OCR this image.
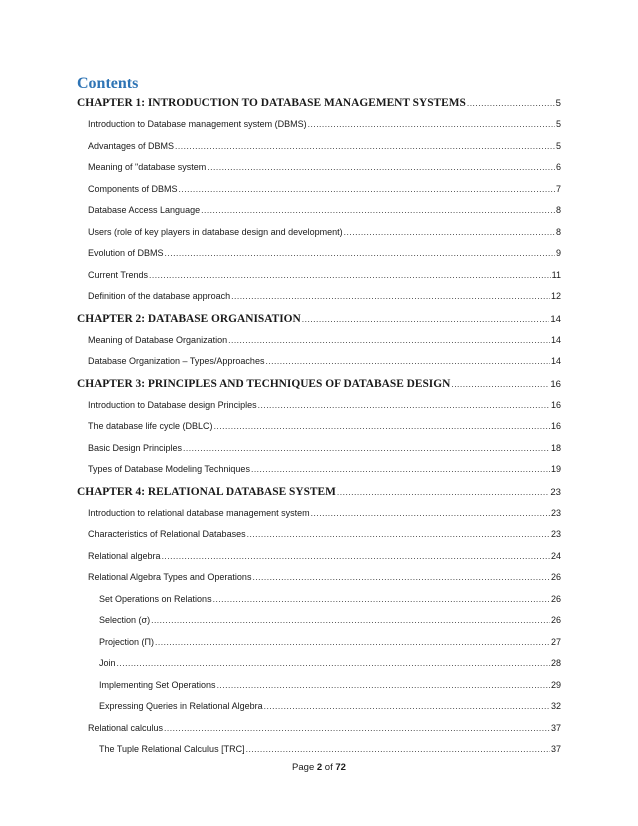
Contents
CHAPTER 1: INTRODUCTION TO DATABASE MANAGEMENT SYSTEMS .....	5
Introduction to Database management system (DBMS) .....	5
Advantages of DBMS .....	5
Meaning of "database system .....	6
Components of DBMS .....	7
Database Access Language .....	8
Users (role of key players in database design and development) .....	8
Evolution of DBMS .....	9
Current Trends .....	11
Definition of the database approach .....	12
CHAPTER 2: DATABASE ORGANISATION .....	14
Meaning of Database Organization .....	14
Database Organization – Types/Approaches .....	14
CHAPTER 3: PRINCIPLES AND TECHNIQUES OF DATABASE DESIGN .....	16
Introduction to Database design Principles .....	16
The database life cycle (DBLC) .....	16
Basic Design Principles .....	18
Types of Database Modeling Techniques .....	19
CHAPTER 4: RELATIONAL DATABASE SYSTEM .....	23
Introduction to relational database management system .....	23
Characteristics of Relational Databases .....	23
Relational algebra .....	24
Relational Algebra Types and Operations .....	26
Set Operations on Relations .....	26
Selection (σ) .....	26
Projection (Π) .....	27
Join .....	28
Implementing Set Operations .....	29
Expressing Queries in Relational Algebra .....	32
Relational calculus .....	37
The Tuple Relational Calculus [TRC] .....	37
Page 2 of 72
